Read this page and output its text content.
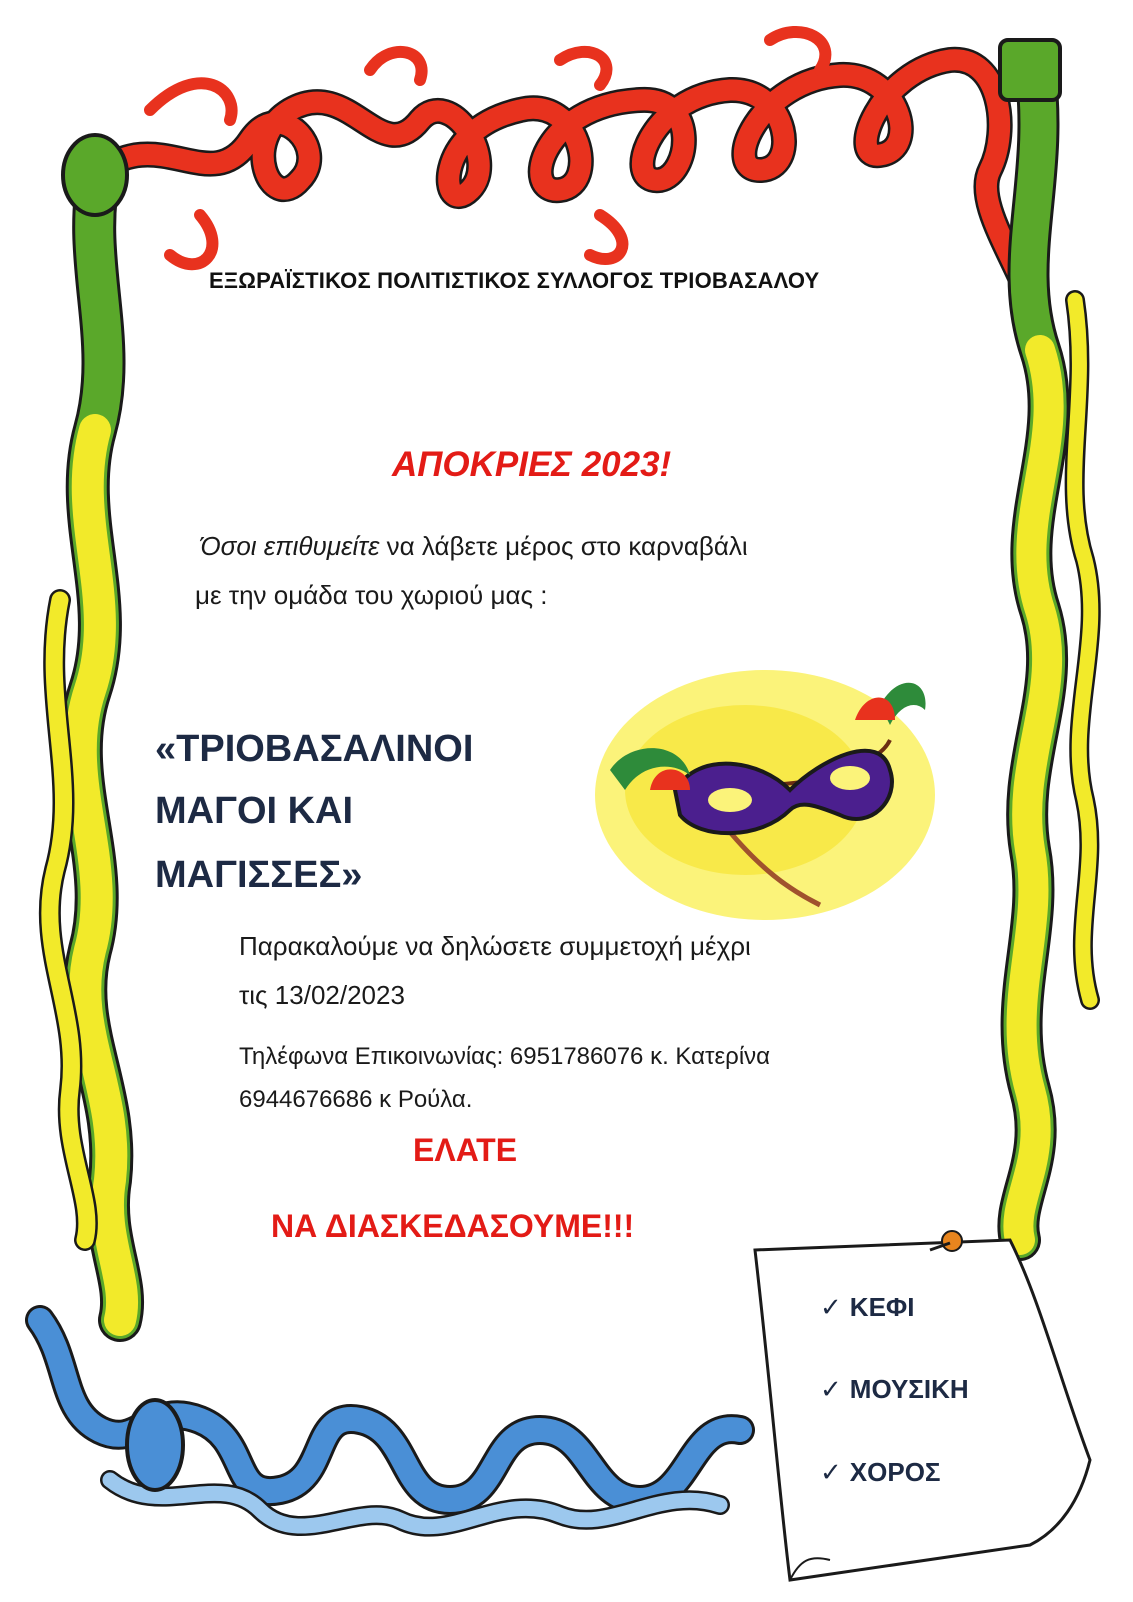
ΕΞΩΡΑΪΣΤΙΚΟΣ ΠΟΛΙΤΙΣΤΙΚΟΣ ΣΥΛΛΟΓΟΣ ΤΡΙΟΒΑΣΑΛΟΥ

ΑΠΟΚΡΙΕΣ 2023!

Όσοι επιθυμείτε να λάβετε μέρος στο καρναβάλι

με την ομάδα του χωριού μας :

«ΤΡΙΟΒΑΣΑΛΙΝΟΙ

ΜΑΓΟΙ ΚΑΙ

ΜΑΓΙΣΣΕΣ»

Παρακαλούμε να δηλώσετε συμμετοχή μέχρι

τις 13/02/2023

Τηλέφωνα Επικοινωνίας: 6951786076 κ. Κατερίνα

6944676686 κ Ρούλα.

ΕΛΑΤΕ

ΝΑ ΔΙΑΣΚΕΔΑΣΟΥΜΕ!!!

✓ ΚΕΦΙ
✓ ΜΟΥΣΙΚΗ
✓ ΧΟΡΟΣ
